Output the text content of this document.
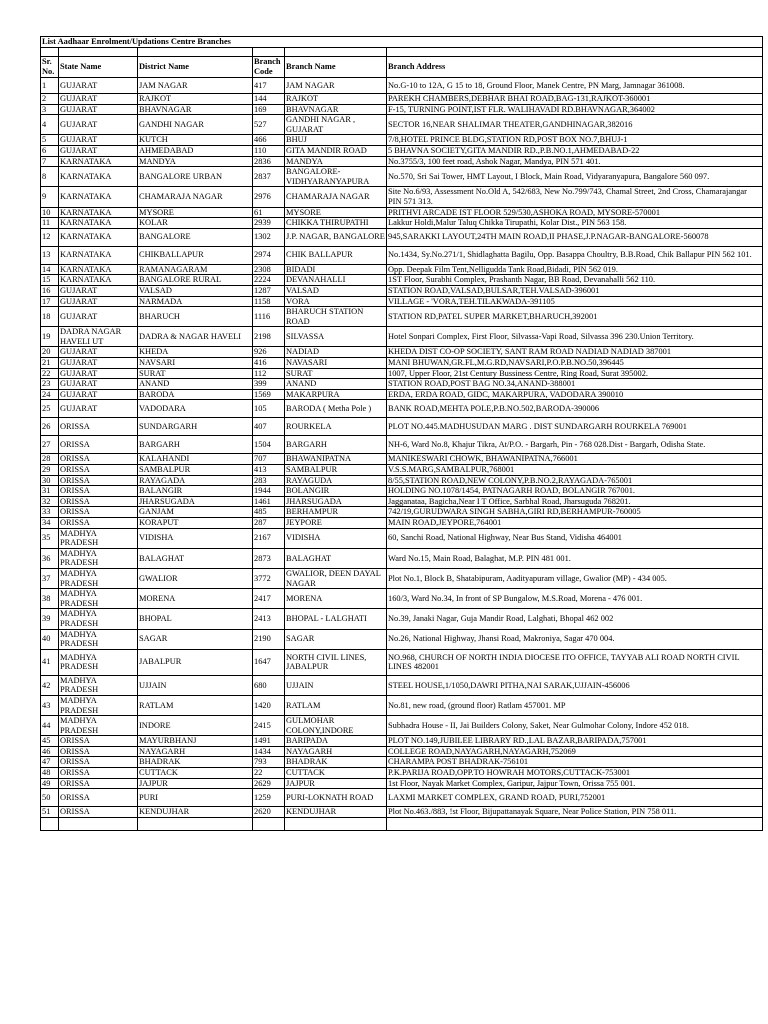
List Aadhaar Enrolment/Updations Centre Branches					

Sr. No.	State Name	District Name	Branch Code	Branch Name	Branch Address
1	GUJARAT	JAM NAGAR	417	JAM NAGAR	No.G-10 to 12A, G 15 to 18, Ground Floor, Manek Centre, PN Marg, Jamnagar 361008.
2	GUJARAT	RAJKOT	144	RAJKOT	PAREKH CHAMBERS,DEBHAR BHAI ROAD,BAG-131,RAJKOT-360001
3	GUJARAT	BHAVNAGAR	169	BHAVNAGAR	F-15, TURNING POINT,IST FLR. WALIHAVADI RD.BHAVNAGAR,364002
4	GUJARAT	GANDHI NAGAR	527	GANDHI NAGAR , GUJARAT	SECTOR 16,NEAR SHALIMAR THEATER,GANDHINAGAR,382016
5	GUJARAT	KUTCH	466	BHUJ	7/8,HOTEL PRINCE BLDG,STATION RD,POST BOX NO.7,BHUJ-1
6	GUJARAT	AHMEDABAD	110	GITA MANDIR ROAD	5 BHAVNA SOCIETY,GITA MANDIR RD.,P.B.NO.1,AHMEDABAD-22
7	KARNATAKA	MANDYA	2836	MANDYA	No.3755/3, 100 feet road, Ashok Nagar, Mandya, PIN 571 401.
8	KARNATAKA	BANGALORE URBAN	2837	BANGALORE-VIDHYARANYAPURA	No.570, Sri Sai Tower, HMT Layout, I Block, Main Road, Vidyaranyapura, Bangalore 560 097.
9	KARNATAKA	CHAMARAJA NAGAR	2976	CHAMARAJA NAGAR	Site No.6/93, Assessment No.Old A, 542/683, New No.799/743, Chamal Street, 2nd Cross, Chamarajangar PIN 571 313.
10	KARNATAKA	MYSORE	61	MYSORE	PRITHVI ARCADE IST FLOOR 529/530,ASHOKA ROAD, MYSORE-570001
11	KARNATAKA	KOLAR	2939	CHIKKA THIRUPATHI	Lakkur Holdi,Malur Taluq Chikka Tirupathi, Kolar Dist., PIN 563 158.
12	KARNATAKA	BANGALORE	1302	J.P. NAGAR, BANGALORE	945,SARAKKI LAYOUT,24TH MAIN ROAD,II PHASE,J.P.NAGAR-BANGALORE-560078
13	KARNATAKA	CHIKBALLAPUR	2974	CHIK BALLAPUR	No.1434, Sy.No.271/1, Shidlaghatta Bagilu, Opp. Basappa Choultry, B.B.Road, Chik Ballapur PIN 562 101.
14	KARNATAKA	RAMANAGARAM	2308	BIDADI	Opp. Deepak Film Tent,Nelligudda Tank Road,Bidadi, PIN 562 019.
15	KARNATAKA	BANGALORE RURAL	2224	DEVANAHALLI	1ST Floor, Surabhi Complex, Prashanth Nagar, BB Road, Devanahalli 562 110.
16	GUJARAT	VALSAD	1287	VALSAD	STATION ROAD,VALSAD,BULSAR,TEH.VALSAD-396001
17	GUJARAT	NARMADA	1158	VORA	VILLAGE - 'VORA,TEH.TILAKWADA-391105
18	GUJARAT	BHARUCH	1116	BHARUCH STATION ROAD	STATION RD,PATEL SUPER MARKET,BHARUCH,392001
19	DADRA NAGAR HAVELI UT	DADRA & NAGAR HAVELI	2198	SILVASSA	Hotel Sonpari Complex, First Floor, Silvassa-Vapi Road, Silvassa 396 230.Union Territory.
20	GUJARAT	KHEDA	926	NADIAD	KHEDA DIST CO-OP SOCIETY, SANT RAM ROAD NADIAD NADIAD 387001
21	GUJARAT	NAVSARI	416	NAVASARI	MANI BHUWAN,GR.FL,M.G.RD,NAVSARI,P.O.P.B.NO.50,396445
22	GUJARAT	SURAT	112	SURAT	1007, Upper Floor, 21st Century Bussiness Centre, Ring Road, Surat 395002.
23	GUJARAT	ANAND	399	ANAND	STATION ROAD,POST BAG NO.34,ANAND-388001
24	GUJARAT	BARODA	1569	MAKARPURA	ERDA, ERDA ROAD, GIDC, MAKARPURA, VADODARA 390010
25	GUJARAT	VADODARA	105	BARODA ( Metha Pole )	BANK ROAD,MEHTA POLE,P.B.NO.502,BARODA-390006
26	ORISSA	SUNDARGARH	407	ROURKELA	PLOT NO.445.MADHUSUDAN MARG . DIST SUNDARGARH ROURKELA 769001
27	ORISSA	BARGARH	1504	BARGARH	NH-6, Ward No.8, Khajur Tikra, At/P.O. - Bargarh, Pin - 768 028.Dist - Bargarh, Odisha State.
28	ORISSA	KALAHANDI	707	BHAWANIPATNA	MANIKESWARI CHOWK, BHAWANIPATNA,766001
29	ORISSA	SAMBALPUR	413	SAMBALPUR	V.S.S.MARG,SAMBALPUR,768001
30	ORISSA	RAYAGADA	283	RAYAGUDA	8/55,STATION ROAD,NEW COLONY,P.B.NO.2,RAYAGADA-765001
31	ORISSA	BALANGIR	1944	BOLANGIR	HOLDING NO.1078/1454, PATNAGARH ROAD, BOLANGIR 767001.
32	ORISSA	JHARSUGADA	1461	JHARSUGADA	Jagganataa, Bagicha,Near I T Office, Sarbhal Road, Jharsuguda 768201.
33	ORISSA	GANJAM	485	BERHAMPUR	742/19,GURUDWARA SINGH SABHA,GIRI RD,BERHAMPUR-760005
34	ORISSA	KORAPUT	287	JEYPORE	MAIN ROAD,JEYPORE,764001
35	MADHYA PRADESH	VIDISHA	2167	VIDISHA	60, Sanchi Road, National Highway, Near Bus Stand, Vidisha 464001
36	MADHYA PRADESH	BALAGHAT	2873	BALAGHAT	Ward No.15, Main Road, Balaghat, M.P. PIN 481 001.
37	MADHYA PRADESH	GWALIOR	3772	GWALIOR, DEEN DAYAL NAGAR	Plot No.1, Block B, Shatabipuram, Aadityapuram village, Gwalior (MP) - 434 005.
38	MADHYA PRADESH	MORENA	2417	MORENA	160/3, Ward No.34, In front of SP Bungalow, M.S.Road, Morena - 476 001.
39	MADHYA PRADESH	BHOPAL	2413	BHOPAL - LALGHATI	No.39, Janaki Nagar, Guja Mandir Road, Lalghati, Bhopal 462 002
40	MADHYA PRADESH	SAGAR	2190	SAGAR	No.26, National Highway, Jhansi Road, Makroniya, Sagar 470 004.
41	MADHYA PRADESH	JABALPUR	1647	NORTH CIVIL LINES, JABALPUR	NO.968, CHURCH OF NORTH INDIA DIOCESE ITO OFFICE, TAYYAB ALI ROAD NORTH CIVIL LINES 482001
42	MADHYA PRADESH	UJJAIN	680	UJJAIN	STEEL HOUSE,1/1050,DAWRI PITHA,NAI SARAK,UJJAIN-456006
43	MADHYA PRADESH	RATLAM	1420	RATLAM	No.81, new road, (ground floor) Ratlam 457001. MP
44	MADHYA PRADESH	INDORE	2415	GULMOHAR COLONY,INDORE	Subhadra House - II, Jai Builders Colony, Saket, Near Gulmohar Colony, Indore 452 018.
45	ORISSA	MAYURBHANJ	1491	BARIPADA	PLOT NO.149,JUBILEE LIBRARY RD.,LAL BAZAR,BARIPADA,757001
46	ORISSA	NAYAGARH	1434	NAYAGARH	COLLEGE ROAD,NAYAGARH,NAYAGARH,752069
47	ORISSA	BHADRAK	793	BHADRAK	CHARAMPA POST BHADRAK-756101
48	ORISSA	CUTTACK	22	CUTTACK	P.K.PARIJA ROAD,OPP.TO HOWRAH MOTORS,CUTTACK-753001
49	ORISSA	JAJPUR	2629	JAJPUR	1st Floor, Nayak Market Complex, Garipur, Jajpur Town, Orissa 755 001.
50	ORISSA	PURI	1259	PURI-LOKNATH ROAD	LAXMI MARKET COMPLEX, GRAND ROAD, PURI,752001
51	ORISSA	KENDUJHAR	2620	KENDUJHAR	Plot No.463./883, !st Floor, Bijupattanayak Square, Near Police Station, PIN 758 011.
